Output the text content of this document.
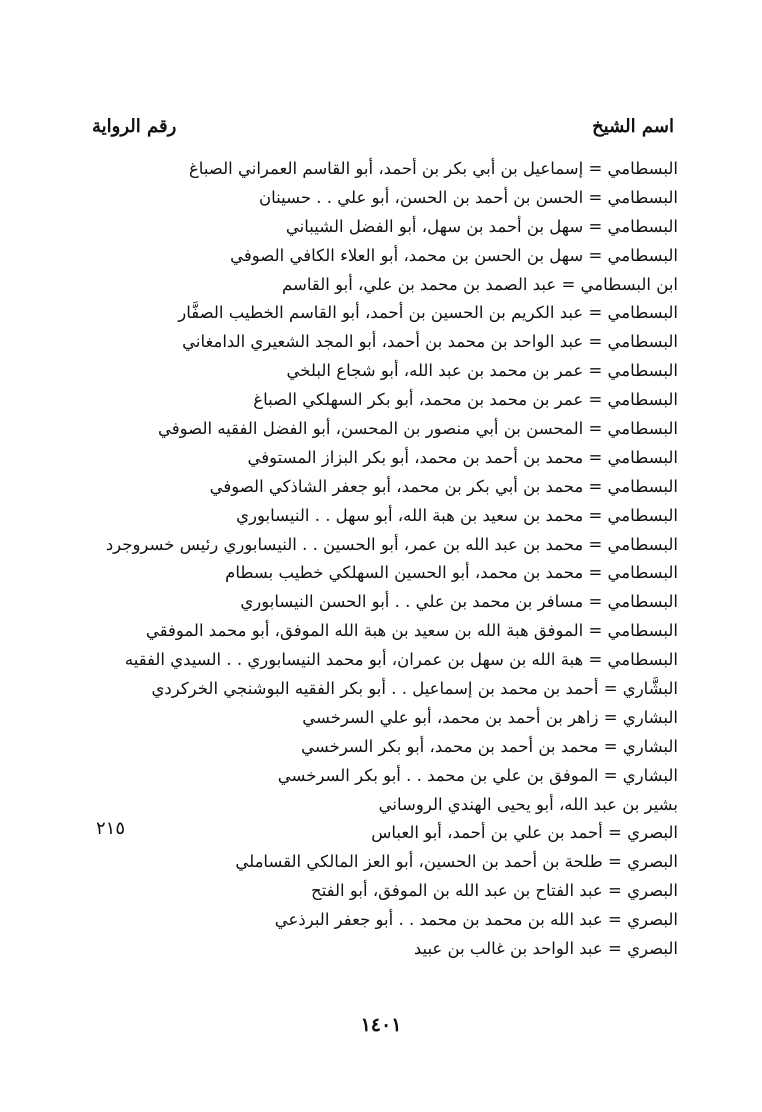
اسم الشيخ
رقم الرواية
البسطامي = إسماعيل بن أبي بكر بن أحمد، أبو القاسم العمراني الصباغ
البسطامي = الحسن بن أحمد بن الحسن، أبو علي . . حسينان
البسطامي = سهل بن أحمد بن سهل، أبو الفضل الشيباني
البسطامي = سهل بن الحسن بن محمد، أبو العلاء الكافي الصوفي
ابن البسطامي = عبد الصمد بن محمد بن علي، أبو القاسم
البسطامي = عبد الكريم بن الحسين بن أحمد، أبو القاسم الخطيب الصفَّار
البسطامي = عبد الواحد بن محمد بن أحمد، أبو المجد الشعيري الدامغاني
البسطامي = عمر بن محمد بن عبد الله، أبو شجاع البلخي
البسطامي = عمر بن محمد بن محمد، أبو بكر السهلكي الصباغ
البسطامي = المحسن بن أبي منصور بن المحسن، أبو الفضل الفقيه الصوفي
البسطامي = محمد بن أحمد بن محمد، أبو بكر البزاز المستوفي
البسطامي = محمد بن أبي بكر بن محمد، أبو جعفر الشاذكي الصوفي
البسطامي = محمد بن سعيد بن هبة الله، أبو سهل . . النيسابوري
البسطامي = محمد بن عبد الله بن عمر، أبو الحسين . . النيسابوري رئيس خسروجرد
البسطامي = محمد بن محمد، أبو الحسين السهلكي خطيب بسطام
البسطامي = مسافر بن محمد بن علي . . أبو الحسن النيسابوري
البسطامي = الموفق هبة الله بن سعيد بن هبة الله الموفق، أبو محمد الموفقي
البسطامي = هبة الله بن سهل بن عمران، أبو محمد النيسابوري . . السيدي الفقيه
البشَّاري = أحمد بن محمد بن إسماعيل . . أبو بكر الفقيه البوشنجي الخركردي
البشاري = زاهر بن أحمد بن محمد، أبو علي السرخسي
البشاري = محمد بن أحمد بن محمد، أبو بكر السرخسي
البشاري = الموفق بن علي بن محمد . . أبو بكر السرخسي
بشير بن عبد الله، أبو يحيى الهندي الروساني
البصري = أحمد بن علي بن أحمد، أبو العباس
البصري = طلحة بن أحمد بن الحسين، أبو العز المالكي القساملي
البصري = عبد الفتاح بن عبد الله بن الموفق، أبو الفتح
البصري = عبد الله بن محمد بن محمد . . أبو جعفر البرذعي
البصري = عبد الواحد بن غالب بن عبيد
٢١٥
١٤٠١
